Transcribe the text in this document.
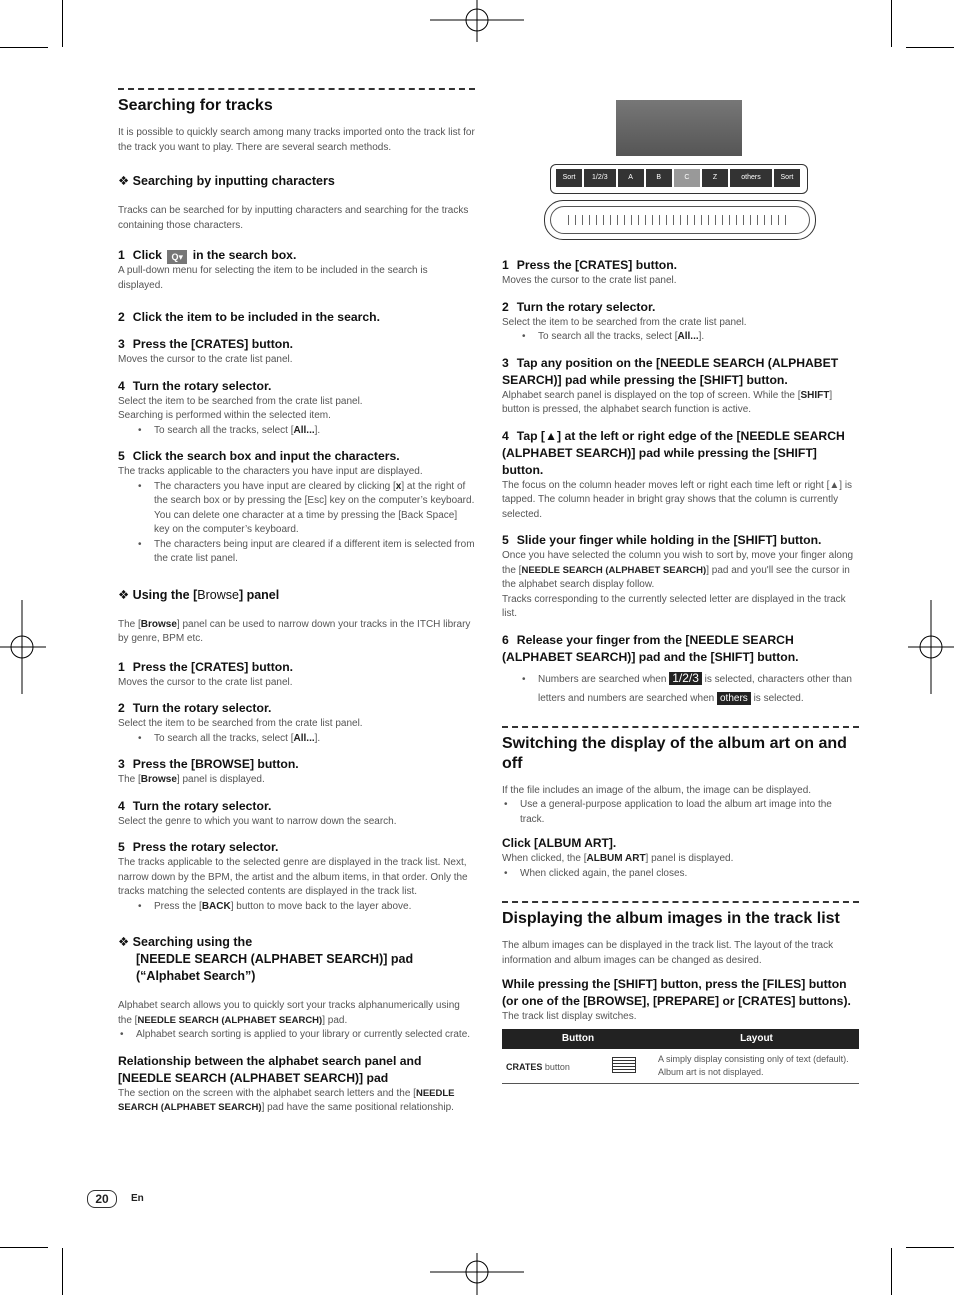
Searching for tracks

It is possible to quickly search among many tracks imported onto the track list for the track you want to play. There are several search methods.

❖ Searching by inputting characters

Tracks can be searched for by inputting characters and searching for the tracks containing those characters.

1 Click Q▾ in the search box.

A pull-down menu for selecting the item to be included in the search is displayed.

2 Click the item to be included in the search.
3 Press the [CRATES] button.

Moves the cursor to the crate list panel.

4 Turn the rotary selector.

Select the item to be searched from the crate list panel.

Searching is performed within the selected item.

• To search all the tracks, select [All...].
5 Click the search box and input the characters.

The tracks applicable to the characters you have input are displayed.

• The characters you have input are cleared by clicking [x] at the right of the search box or by pressing the [Esc] key on the computer’s keyboard. You can delete one character at a time by pressing the [Back Space] key on the computer’s keyboard.
• The characters being input are cleared if a different item is selected from the crate list panel.
❖ Using the [Browse] panel

The [Browse] panel can be used to narrow down your tracks in the ITCH library by genre, BPM etc.

1 Press the [CRATES] button.

Moves the cursor to the crate list panel.

2 Turn the rotary selector.

Select the item to be searched from the crate list panel.

• To search all the tracks, select [All...].
3 Press the [BROWSE] button.

The [Browse] panel is displayed.

4 Turn the rotary selector.

Select the genre to which you want to narrow down the search.

5 Press the rotary selector.

The tracks applicable to the selected genre are displayed in the track list. Next, narrow down by the BPM, the artist and the album items, in that order. Only the tracks matching the selected contents are displayed in the track list.

• Press the [BACK] button to move back to the layer above.
❖ Searching using the
[NEEDLE SEARCH (ALPHABET SEARCH)] pad
(“Alphabet Search”)

Alphabet search allows you to quickly sort your tracks alphanumerically using the [NEEDLE SEARCH (ALPHABET SEARCH)] pad.

• Alphabet search sorting is applied to your library or currently selected crate.
Relationship between the alphabet search panel and [NEEDLE SEARCH (ALPHABET SEARCH)] pad

The section on the screen with the alphabet search letters and the [NEEDLE SEARCH (ALPHABET SEARCH)] pad have the same positional relationship.

Sort	1/2/3	A	B	C	Z	others	Sort
1 Press the [CRATES] button.

Moves the cursor to the crate list panel.

2 Turn the rotary selector.

Select the item to be searched from the crate list panel.

• To search all the tracks, select [All...].
3 Tap any position on the [NEEDLE SEARCH (ALPHABET SEARCH)] pad while pressing the [SHIFT] button.

Alphabet search panel is displayed on the top of screen. While the [SHIFT] button is pressed, the alphabet search function is active.

4 Tap [▲] at the left or right edge of the [NEEDLE SEARCH (ALPHABET SEARCH)] pad while pressing the [SHIFT] button.

The focus on the column header moves left or right each time left or right [▲] is tapped. The column header in bright gray shows that the column is currently selected.

5 Slide your finger while holding in the [SHIFT] button.

Once you have selected the column you wish to sort by, move your finger along the [NEEDLE SEARCH (ALPHABET SEARCH)] pad and you'll see the cursor in the alphabet search display follow.

Tracks corresponding to the currently selected letter are displayed in the track list.

6 Release your finger from the [NEEDLE SEARCH (ALPHABET SEARCH)] pad and the [SHIFT] button.
• Numbers are searched when 1/2/3 is selected, characters other than letters and numbers are searched when others is selected.
Switching the display of the album art on and off

If the file includes an image of the album, the image can be displayed.

• Use a general-purpose application to load the album art image into the track.
Click [ALBUM ART].

When clicked, the [ALBUM ART] panel is displayed.

• When clicked again, the panel closes.
Displaying the album images in the track list

The album images can be displayed in the track list. The layout of the track information and album images can be changed as desired.

While pressing the [SHIFT] button, press the [FILES] button (or one of the [BROWSE], [PREPARE] or [CRATES] buttons).

The track list display switches.

Button	Layout
CRATES button	A simply display consisting only of text (default). Album art is not displayed.
20	En
